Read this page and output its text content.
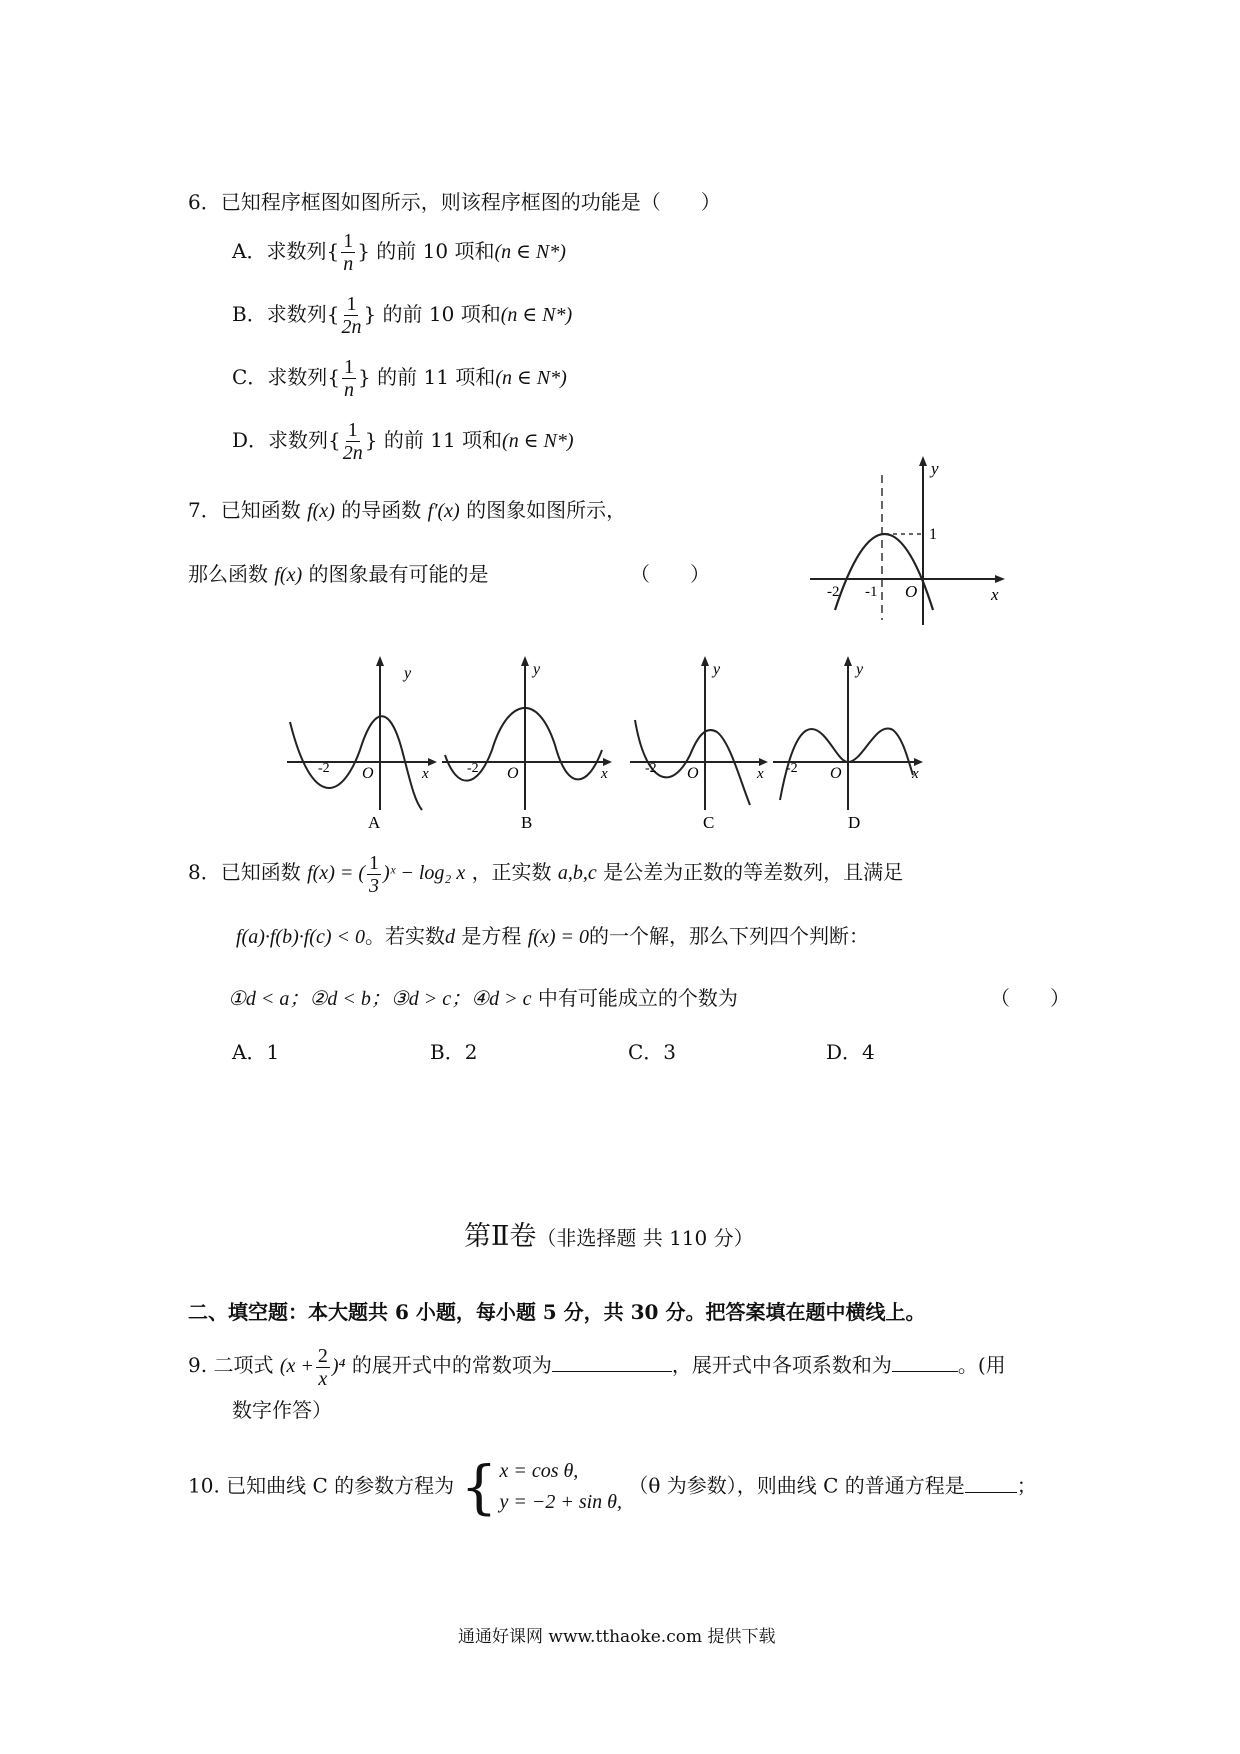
6．已知程序框图如图所示，则该程序框图的功能是（　　）
A．求数列{ $\frac{1}{n}$ } 的前 10 项和(n ∈ N*)
B．求数列{ $\frac{1}{2n}$ } 的前 10 项和(n ∈ N*)
C．求数列{ $\frac{1}{n}$ } 的前 11 项和(n ∈ N*)
D．求数列{ $\frac{1}{2n}$ } 的前 11 项和(n ∈ N*)
7．已知函数 f(x) 的导函数 f′(x) 的图象如图所示，
那么函数 f(x) 的图象最有可能的是	（　　）
y
x
1
-2 -1 O
y
x
-2 O
A
y
x
-2 O
B
y
x
-2 O
C
y
x
-2 O
D
8．已知函数 f(x) = ( $\frac{1}{3}$ )ˣ − log₂ x ，正实数 a,b,c 是公差为正数的等差数列，且满足
f(a)·f(b)·f(c) < 0。若实数d 是方程 f(x) = 0的一个解，那么下列四个判断：
①d < a；②d < b；③d > c；④d > c 中有可能成立的个数为	（　　）
A．1	B．2	C．3	D．4
第Ⅱ卷（非选择题 共 110 分）
二、填空题：本大题共 6 小题，每小题 5 分，共 30 分。把答案填在题中横线上。
9. 二项式 $(x + \frac{2}{x} )^4$ 的展开式中的常数项为	，展开式中各项系数和为	。(用
数字作答）
10. 已知曲线 C 的参数方程为 { x = cos θ,
y = −2 + sin θ,
（θ 为参数），则曲线 C 的普通方程是	；
通通好课网 www.tthaoke.com 提供下载
